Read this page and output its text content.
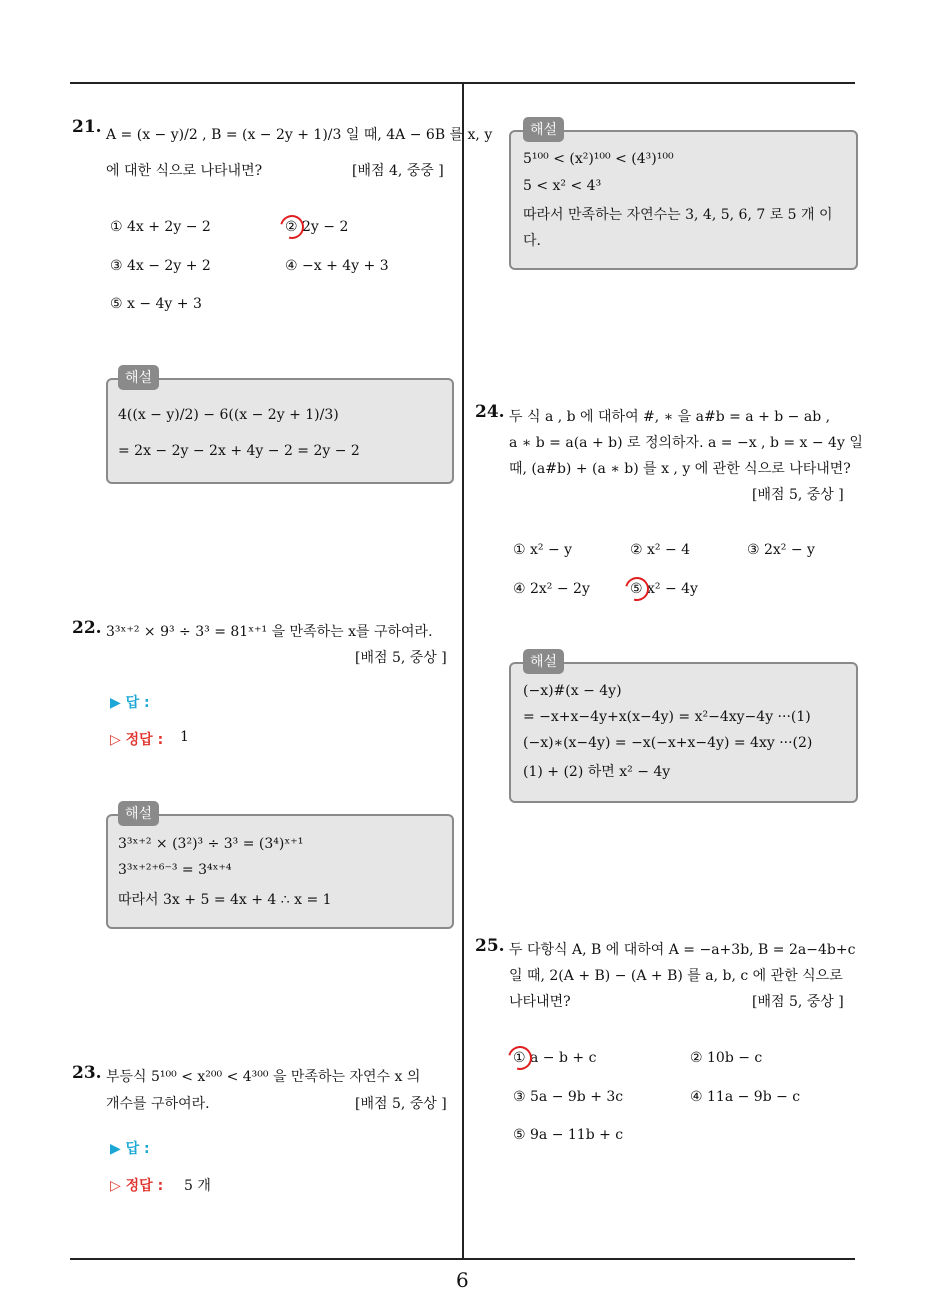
6
21. A = (x − y)/2 , B = (x − 2y + 1)/3 일 때, 4A − 6B 를 x, y
에 대한 식으로 나타내면?	[배점 4, 중중 ]
① 4x + 2y − 2	② 2y − 2
③ 4x − 2y + 2	④ −x + 4y + 3
⑤ x − 4y + 3
해설
4((x − y)/2) − 6((x − 2y + 1)/3)
= 2x − 2y − 2x + 4y − 2 = 2y − 2
22. 3³ˣ⁺² × 9³ ÷ 3³ = 81ˣ⁺¹ 을 만족하는 x를 구하여라.
[배점 5, 중상 ]
▶ 답 :
▷ 정답 : 1
해설
3³ˣ⁺² × (3²)³ ÷ 3³ = (3⁴)ˣ⁺¹
3³ˣ⁺²⁺⁶⁻³ = 3⁴ˣ⁺⁴
따라서 3x + 5 = 4x + 4 ∴ x = 1
23. 부등식 5¹⁰⁰ < x²⁰⁰ < 4³⁰⁰ 을 만족하는 자연수 x 의
개수를 구하여라.	[배점 5, 중상 ]
▶ 답 :
▷ 정답 : 5 개
해설
5¹⁰⁰ < (x²)¹⁰⁰ < (4³)¹⁰⁰
5 < x² < 4³
따라서 만족하는 자연수는 3, 4, 5, 6, 7 로 5 개 이
다.
24. 두 식 a , b 에 대하여 #, ∗ 을 a#b = a + b − ab ,
a ∗ b = a(a + b) 로 정의하자. a = −x , b = x − 4y 일
때, (a#b) + (a ∗ b) 를 x , y 에 관한 식으로 나타내면?
[배점 5, 중상 ]
① x² − y	② x² − 4	③ 2x² − y
④ 2x² − 2y	⑤ x² − 4y
해설
(−x)#(x − 4y)
= −x+x−4y+x(x−4y) = x²−4xy−4y ···(1)
(−x)∗(x−4y) = −x(−x+x−4y) = 4xy ···(2)
(1) + (2) 하면 x² − 4y
25. 두 다항식 A, B 에 대하여 A = −a+3b, B = 2a−4b+c
일 때, 2(A + B) − (A + B) 를 a, b, c 에 관한 식으로
나타내면?	[배점 5, 중상 ]
① a − b + c	② 10b − c
③ 5a − 9b + 3c	④ 11a − 9b − c
⑤ 9a − 11b + c
